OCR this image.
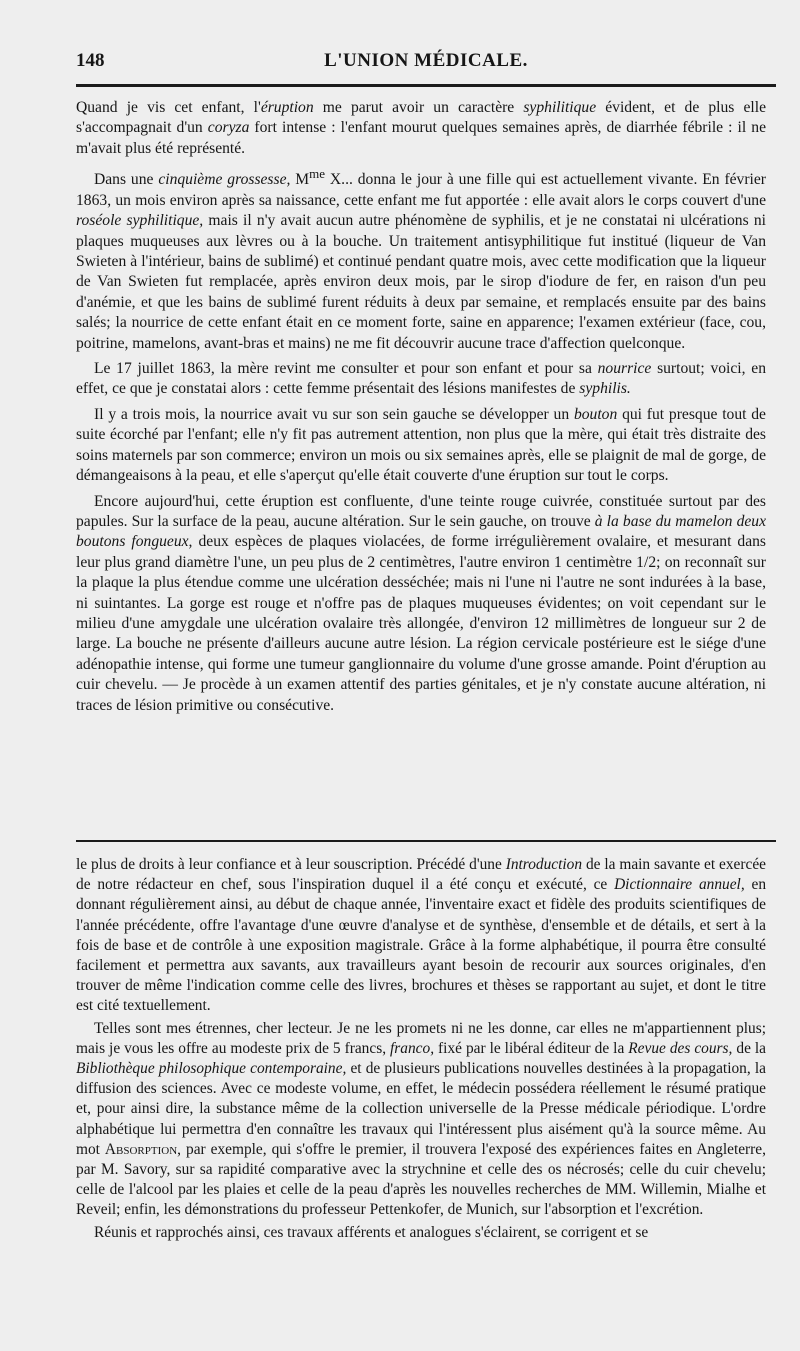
148	L'UNION MÉDICALE.

Quand je vis cet enfant, l'éruption me parut avoir un caractère syphilitique évident, et de plus elle s'accompagnait d'un coryza fort intense : l'enfant mourut quelques semaines après, de diarrhée fébrile : il ne m'avait plus été représenté.

Dans une cinquième grossesse, $M^{me}$ X... donna le jour à une fille qui est actuellement vivante. En février 1863, un mois environ après sa naissance, cette enfant me fut apportée : elle avait alors le corps couvert d'une roséole syphilitique, mais il n'y avait aucun autre phénomène de syphilis, et je ne constatai ni ulcérations ni plaques muqueuses aux lèvres ou à la bouche. Un traitement antisyphilitique fut institué (liqueur de Van Swieten à l'intérieur, bains de sublimé) et continué pendant quatre mois, avec cette modification que la liqueur de Van Swieten fut remplacée, après environ deux mois, par le sirop d'iodure de fer, en raison d'un peu d'anémie, et que les bains de sublimé furent réduits à deux par semaine, et remplacés ensuite par des bains salés; la nourrice de cette enfant était en ce moment forte, saine en apparence; l'examen extérieur (face, cou, poitrine, mamelons, avant-bras et mains) ne me fit découvrir aucune trace d'affection quelconque.

Le 17 juillet 1863, la mère revint me consulter et pour son enfant et pour sa nourrice surtout; voici, en effet, ce que je constatai alors : cette femme présentait des lésions manifestes de syphilis.

Il y a trois mois, la nourrice avait vu sur son sein gauche se développer un bouton qui fut presque tout de suite écorché par l'enfant; elle n'y fit pas autrement attention, non plus que la mère, qui était très distraite des soins maternels par son commerce; environ un mois ou six semaines après, elle se plaignit de mal de gorge, de démangeaisons à la peau, et elle s'aperçut qu'elle était couverte d'une éruption sur tout le corps.

Encore aujourd'hui, cette éruption est confluente, d'une teinte rouge cuivrée, constituée surtout par des papules. Sur la surface de la peau, aucune altération. Sur le sein gauche, on trouve à la base du mamelon deux boutons fongueux, deux espèces de plaques violacées, de forme irrégulièrement ovalaire, et mesurant dans leur plus grand diamètre l'une, un peu plus de 2 centimètres, l'autre environ 1 centimètre 1/2; on reconnaît sur la plaque la plus étendue comme une ulcération desséchée; mais ni l'une ni l'autre ne sont indurées à la base, ni suintantes. La gorge est rouge et n'offre pas de plaques muqueuses évidentes; on voit cependant sur le milieu d'une amygdale une ulcération ovalaire très allongée, d'environ 12 millimètres de longueur sur 2 de large. La bouche ne présente d'ailleurs aucune autre lésion. La région cervicale postérieure est le siége d'une adénopathie intense, qui forme une tumeur ganglionnaire du volume d'une grosse amande. Point d'éruption au cuir chevelu. — Je procède à un examen attentif des parties génitales, et je n'y constate aucune altération, ni traces de lésion primitive ou consécutive.

le plus de droits à leur confiance et à leur souscription. Précédé d'une Introduction de la main savante et exercée de notre rédacteur en chef, sous l'inspiration duquel il a été conçu et exécuté, ce Dictionnaire annuel, en donnant régulièrement ainsi, au début de chaque année, l'inventaire exact et fidèle des produits scientifiques de l'année précédente, offre l'avantage d'une œuvre d'analyse et de synthèse, d'ensemble et de détails, et sert à la fois de base et de contrôle à une exposition magistrale. Grâce à la forme alphabétique, il pourra être consulté facilement et permettra aux savants, aux travailleurs ayant besoin de recourir aux sources originales, d'en trouver de même l'indication comme celle des livres, brochures et thèses se rapportant au sujet, et dont le titre est cité textuellement.

Telles sont mes étrennes, cher lecteur. Je ne les promets ni ne les donne, car elles ne m'appartiennent plus; mais je vous les offre au modeste prix de 5 francs, franco, fixé par le libéral éditeur de la Revue des cours, de la Bibliothèque philosophique contemporaine, et de plusieurs publications nouvelles destinées à la propagation, la diffusion des sciences. Avec ce modeste volume, en effet, le médecin possédera réellement le résumé pratique et, pour ainsi dire, la substance même de la collection universelle de la Presse médicale périodique. L'ordre alphabétique lui permettra d'en connaître les travaux qui l'intéressent plus aisément qu'à la source même. Au mot Absorption, par exemple, qui s'offre le premier, il trouvera l'exposé des expériences faites en Angleterre, par M. Savory, sur sa rapidité comparative avec la strychnine et celle des os nécrosés; celle du cuir chevelu; celle de l'alcool par les plaies et celle de la peau d'après les nouvelles recherches de MM. Willemin, Mialhe et Reveil; enfin, les démonstrations du professeur Pettenkofer, de Munich, sur l'absorption et l'excrétion.

Réunis et rapprochés ainsi, ces travaux afférents et analogues s'éclairent, se corrigent et se
